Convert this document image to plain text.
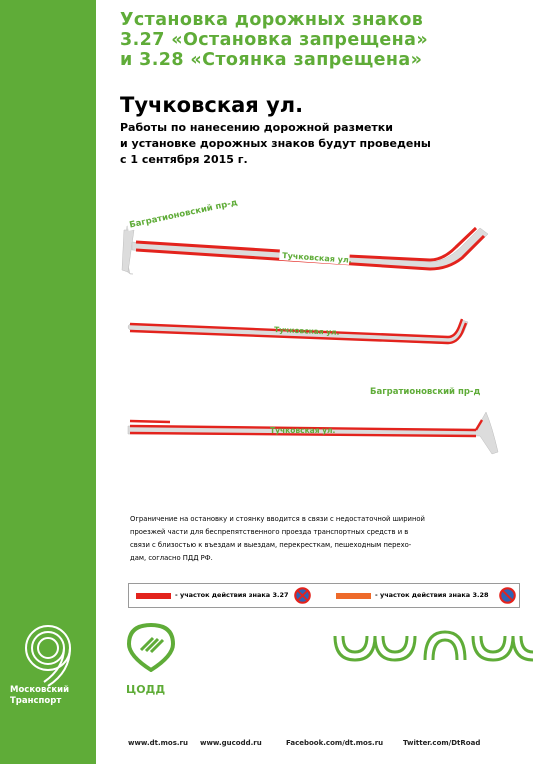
Московский
Транспорт
Установка дорожных знаков
3.27 «Остановка запрещена»
и 3.28 «Стоянка запрещена»
Тучковская ул.
Работы по нанесению дорожной разметки
и установке дорожных знаков будут проведены
с 1 сентября 2015 г.
Багратионовский пр-д
Тучковская ул.
Тучковская ул.
Багратионовский пр-д
Тучковская ул.
Ограничение на остановку и стоянку вводится в связи с недостаточной шириной
проезжей части для беспрепятственного проезда транспортных средств и в
связи с близостью к въездам и выездам, перекресткам, пешеходным перехо-
дам, согласно ПДД РФ.
- участок действия знака 3.27	- участок действия знака 3.28
ЦОДД
www.dt.mos.ru www.gucodd.ru	Facebook.com/dt.mos.ru	Twitter.com/DtRoad
